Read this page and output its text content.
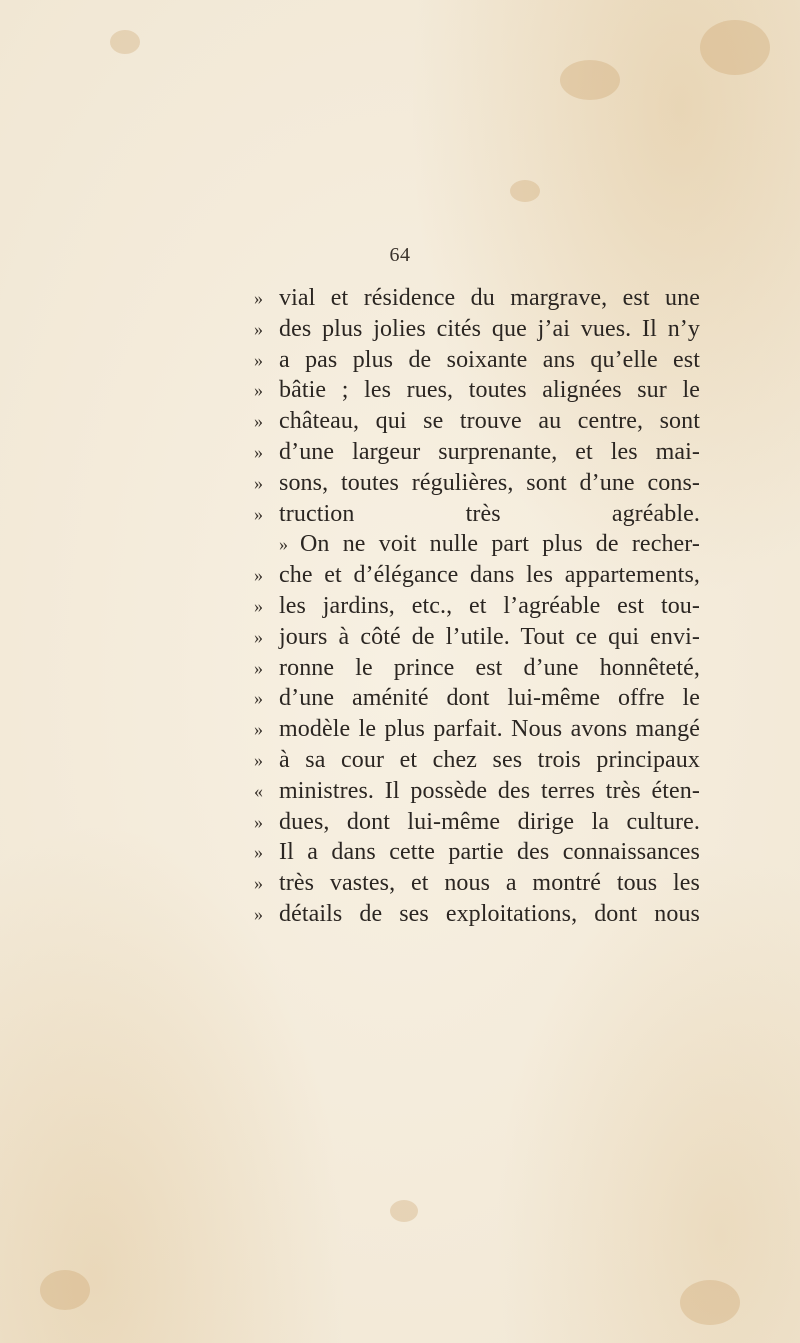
64
» vial et résidence du margrave, est une
» des plus jolies cités que j’ai vues. Il n’y
» a pas plus de soixante ans qu’elle est
» bâtie ; les rues, toutes alignées sur le
» château, qui se trouve au centre, sont
» d’une largeur surprenante, et les mai-
» sons, toutes régulières, sont d’une cons-
» truction très agréable.
» On ne voit nulle part plus de recher-
» che et d’élégance dans les appartements,
» les jardins, etc., et l’agréable est tou-
» jours à côté de l’utile. Tout ce qui envi-
» ronne le prince est d’une honnêteté,
» d’une aménité dont lui-même offre le
» modèle le plus parfait. Nous avons mangé
» à sa cour et chez ses trois principaux
« ministres. Il possède des terres très éten-
» dues, dont lui-même dirige la culture.
» Il a dans cette partie des connaissances
» très vastes, et nous a montré tous les
» détails de ses exploitations, dont nous
